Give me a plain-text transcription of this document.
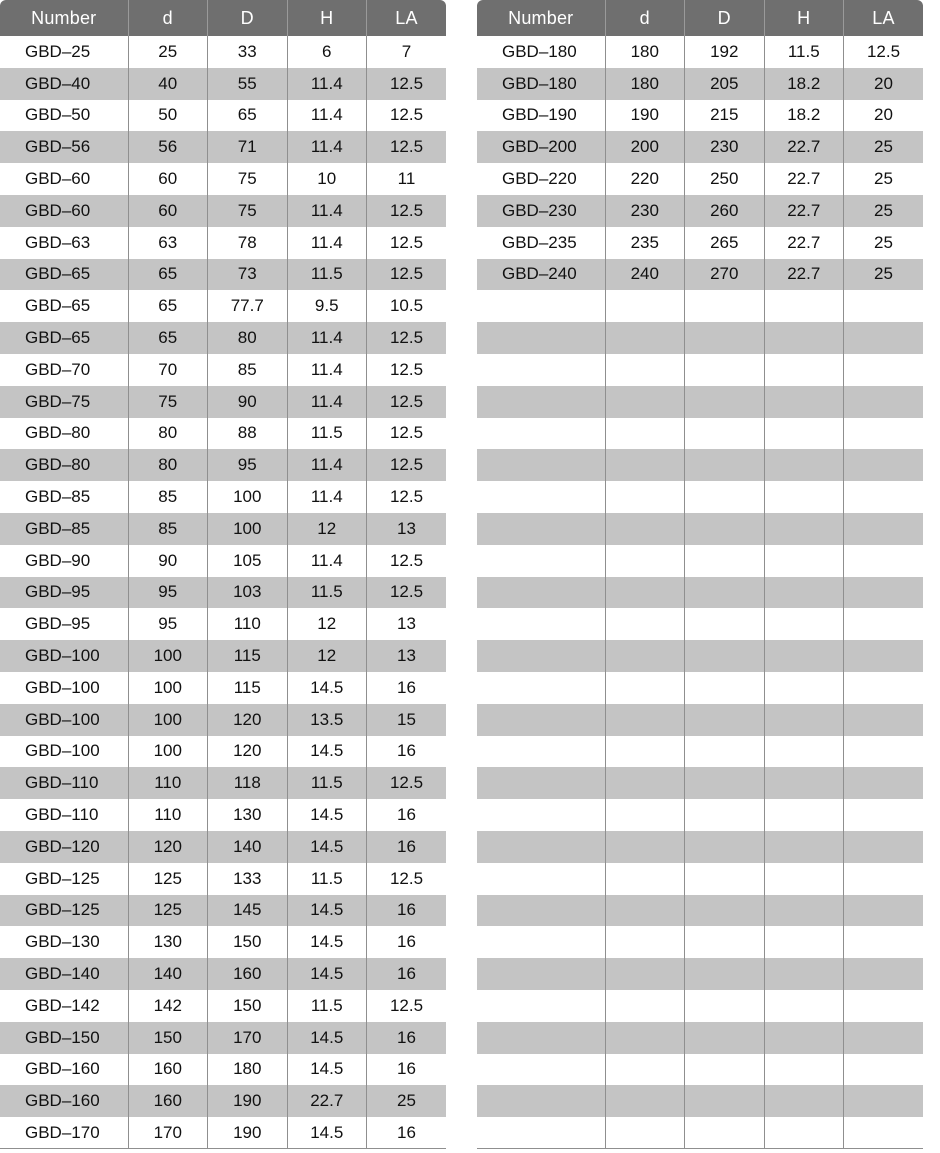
Number	d	D	H	LA
GBD–25	25	33	6	7
GBD–40	40	55	11.4	12.5
GBD–50	50	65	11.4	12.5
GBD–56	56	71	11.4	12.5
GBD–60	60	75	10	11
GBD–60	60	75	11.4	12.5
GBD–63	63	78	11.4	12.5
GBD–65	65	73	11.5	12.5
GBD–65	65	77.7	9.5	10.5
GBD–65	65	80	11.4	12.5
GBD–70	70	85	11.4	12.5
GBD–75	75	90	11.4	12.5
GBD–80	80	88	11.5	12.5
GBD–80	80	95	11.4	12.5
GBD–85	85	100	11.4	12.5
GBD–85	85	100	12	13
GBD–90	90	105	11.4	12.5
GBD–95	95	103	11.5	12.5
GBD–95	95	110	12	13
GBD–100	100	115	12	13
GBD–100	100	115	14.5	16
GBD–100	100	120	13.5	15
GBD–100	100	120	14.5	16
GBD–110	110	118	11.5	12.5
GBD–110	110	130	14.5	16
GBD–120	120	140	14.5	16
GBD–125	125	133	11.5	12.5
GBD–125	125	145	14.5	16
GBD–130	130	150	14.5	16
GBD–140	140	160	14.5	16
GBD–142	142	150	11.5	12.5
GBD–150	150	170	14.5	16
GBD–160	160	180	14.5	16
GBD–160	160	190	22.7	25
GBD–170	170	190	14.5	16
Number	d	D	H	LA
GBD–180	180	192	11.5	12.5
GBD–180	180	205	18.2	20
GBD–190	190	215	18.2	20
GBD–200	200	230	22.7	25
GBD–220	220	250	22.7	25
GBD–230	230	260	22.7	25
GBD–235	235	265	22.7	25
GBD–240	240	270	22.7	25
